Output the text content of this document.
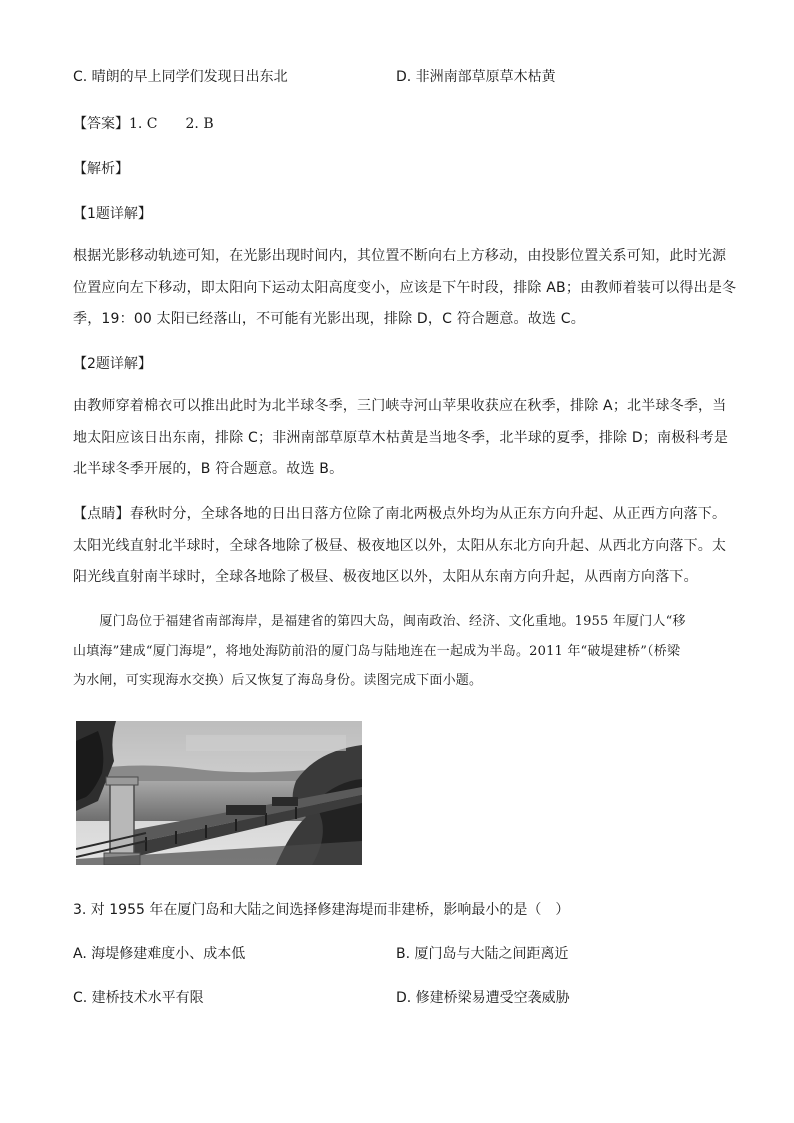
C. 晴朗的早上同学们发现日出东北	D. 非洲南部草原草木枯黄
【答案】1. C　　2. B
【解析】
【1题详解】

根据光影移动轨迹可知，在光影出现时间内，其位置不断向右上方移动，由投影位置关系可知，此时光源

位置应向左下移动，即太阳向下运动太阳高度变小，应该是下午时段，排除 AB；由教师着装可以得出是冬

季，19：00 太阳已经落山，不可能有光影出现，排除 D，C 符合题意。故选 C。

【2题详解】

由教师穿着棉衣可以推出此时为北半球冬季，三门峡寺河山苹果收获应在秋季，排除 A；北半球冬季，当

地太阳应该日出东南，排除 C；非洲南部草原草木枯黄是当地冬季，北半球的夏季，排除 D；南极科考是

北半球冬季开展的，B 符合题意。故选 B。

【点睛】春秋时分，全球各地的日出日落方位除了南北两极点外均为从正东方向升起、从正西方向落下。

太阳光线直射北半球时，全球各地除了极昼、极夜地区以外，太阳从东北方向升起、从西北方向落下。太

阳光线直射南半球时，全球各地除了极昼、极夜地区以外，太阳从东南方向升起，从西南方向落下。

　　厦门岛位于福建省南部海岸，是福建省的第四大岛，闽南政治、经济、文化重地。1955 年厦门人“移

山填海”建成“厦门海堤”，将地处海防前沿的厦门岛与陆地连在一起成为半岛。2011 年“破堤建桥”（桥梁

为水闸，可实现海水交换）后又恢复了海岛身份。读图完成下面小题。

3. 对 1955 年在厦门岛和大陆之间选择修建海堤而非建桥，影响最小的是（　）
A. 海堤修建难度小、成本低	B. 厦门岛与大陆之间距离近
C. 建桥技术水平有限	D. 修建桥梁易遭受空袭威胁
